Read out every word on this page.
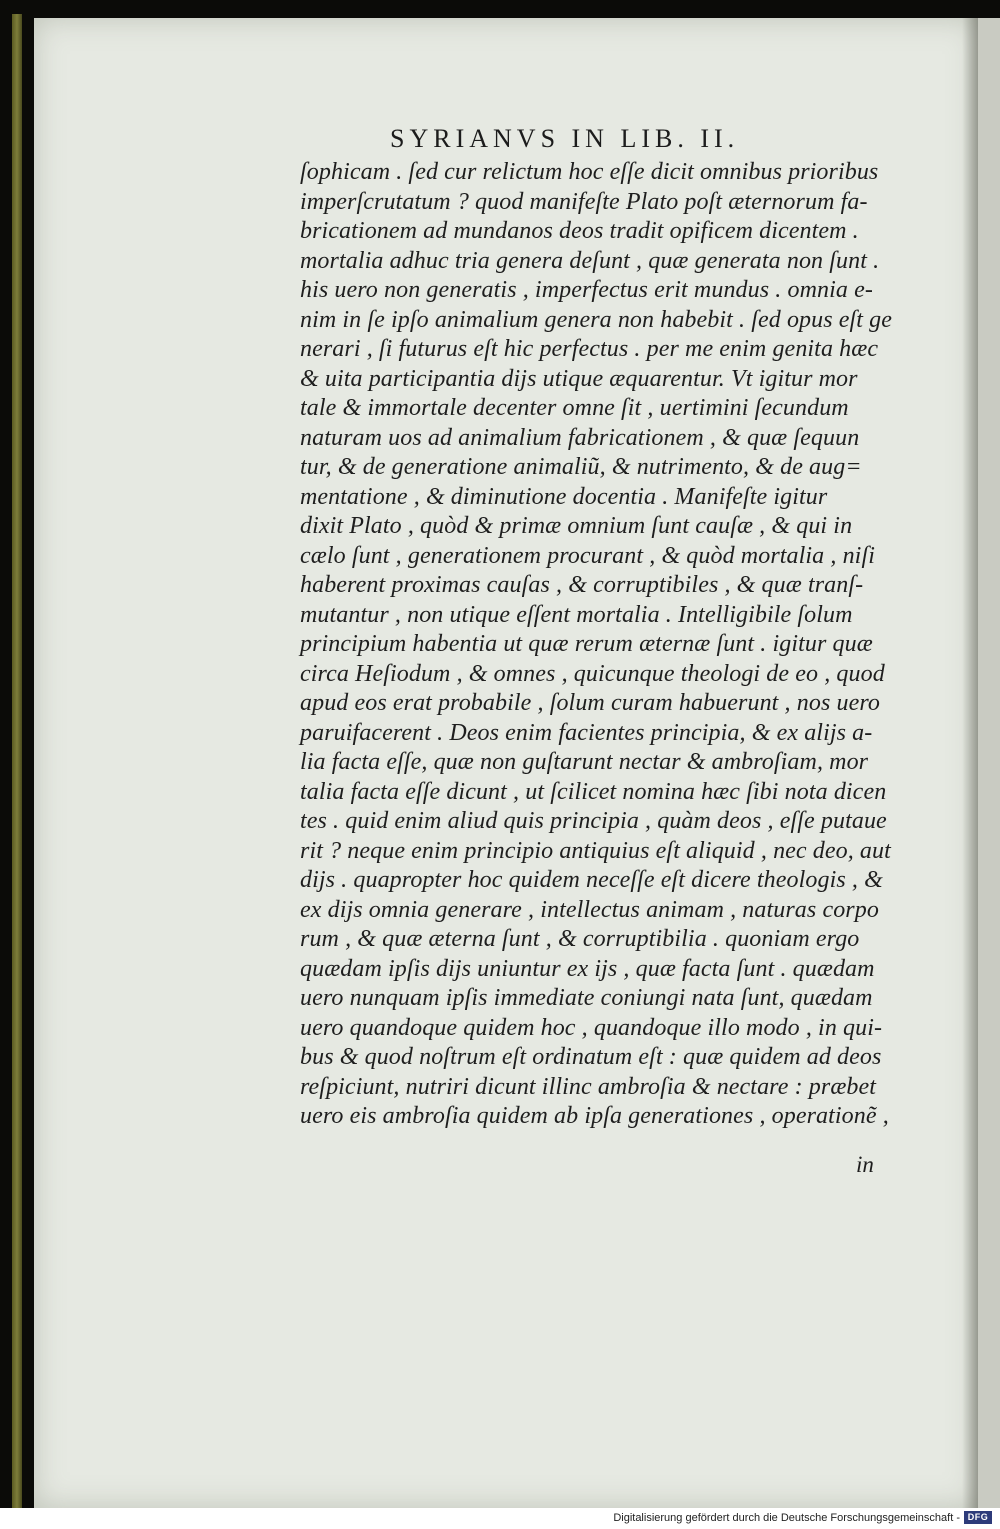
SYRIANVS IN LIB. II.
ſophicam . ſed cur relictum hoc eſſe dicit omnibus prioribus
imperſcrutatum ? quod manifeſte Plato poſt æternorum fa-
bricationem ad mundanos deos tradit opificem dicentem .
mortalia adhuc tria genera deſunt , quæ generata non ſunt .
his uero non generatis , imperfectus erit mundus . omnia e-
nim in ſe ipſo animalium genera non habebit . ſed opus eſt ge
nerari , ſi futurus eſt hic perfectus . per me enim genita hæc
& uita participantia dijs utique æquarentur. Vt igitur mor
tale & immortale decenter omne ſit , uertimini ſecundum
naturam uos ad animalium fabricationem , & quæ ſequun
tur, & de generatione animaliũ, & nutrimento, & de aug=
mentatione , & diminutione docentia . Manifeſte igitur
dixit Plato , quòd & primæ omnium ſunt cauſæ , & qui in
cælo ſunt , generationem procurant , & quòd mortalia , niſi
haberent proximas cauſas , & corruptibiles , & quæ tranſ-
mutantur , non utique eſſent mortalia . Intelligibile ſolum
principium habentia ut quæ rerum æternæ ſunt . igitur quæ
circa Heſiodum , & omnes , quicunque theologi de eo , quod
apud eos erat probabile , ſolum curam habuerunt , nos uero
paruifacerent . Deos enim facientes principia, & ex alijs a-
lia facta eſſe, quæ non guſtarunt nectar & ambroſiam, mor
talia facta eſſe dicunt , ut ſcilicet nomina hæc ſibi nota dicen
tes . quid enim aliud quis principia , quàm deos , eſſe putaue
rit ? neque enim principio antiquius eſt aliquid , nec deo, aut
dijs . quapropter hoc quidem neceſſe eſt dicere theologis , &
ex dijs omnia generare , intellectus animam , naturas corpo
rum , & quæ æterna ſunt , & corruptibilia . quoniam ergo
quædam ipſis dijs uniuntur ex ijs , quæ facta ſunt . quædam
uero nunquam ipſis immediate coniungi nata ſunt, quædam
uero quandoque quidem hoc , quandoque illo modo , in qui-
bus & quod noſtrum eſt ordinatum eſt : quæ quidem ad deos
reſpiciunt, nutriri dicunt illinc ambroſia & nectare : præbet
uero eis ambroſia quidem ab ipſa generationes , operationẽ ,
in
Digitalisierung gefördert durch die Deutsche Forschungsgemeinschaft - DFG
